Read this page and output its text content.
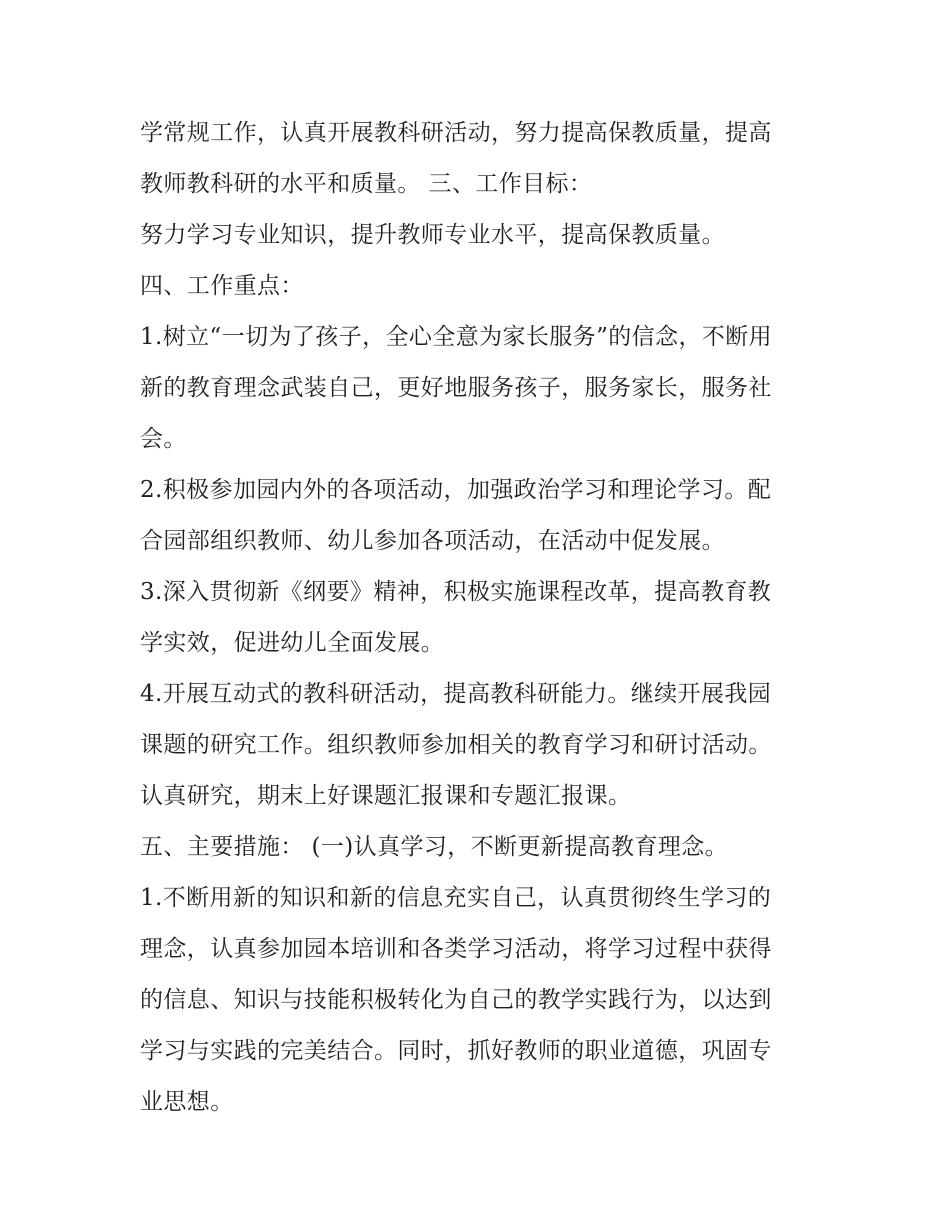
学常规工作，认真开展教科研活动，努力提高保教质量，提高
教师教科研的水平和质量。 三、工作目标：
努力学习专业知识，提升教师专业水平，提高保教质量。
四、工作重点：
1.树立“一切为了孩子，全心全意为家长服务”的信念，不断用
新的教育理念武装自己，更好地服务孩子，服务家长，服务社
会。
2.积极参加园内外的各项活动，加强政治学习和理论学习。配
合园部组织教师、幼儿参加各项活动，在活动中促发展。
3.深入贯彻新《纲要》精神，积极实施课程改革，提高教育教
学实效，促进幼儿全面发展。
4.开展互动式的教科研活动，提高教科研能力。继续开展我园
课题的研究工作。组织教师参加相关的教育学习和研讨活动。
认真研究，期末上好课题汇报课和专题汇报课。
五、主要措施： (一)认真学习，不断更新提高教育理念。
1.不断用新的知识和新的信息充实自己，认真贯彻终生学习的
理念，认真参加园本培训和各类学习活动，将学习过程中获得
的信息、知识与技能积极转化为自己的教学实践行为，以达到
学习与实践的完美结合。同时，抓好教师的职业道德，巩固专
业思想。
